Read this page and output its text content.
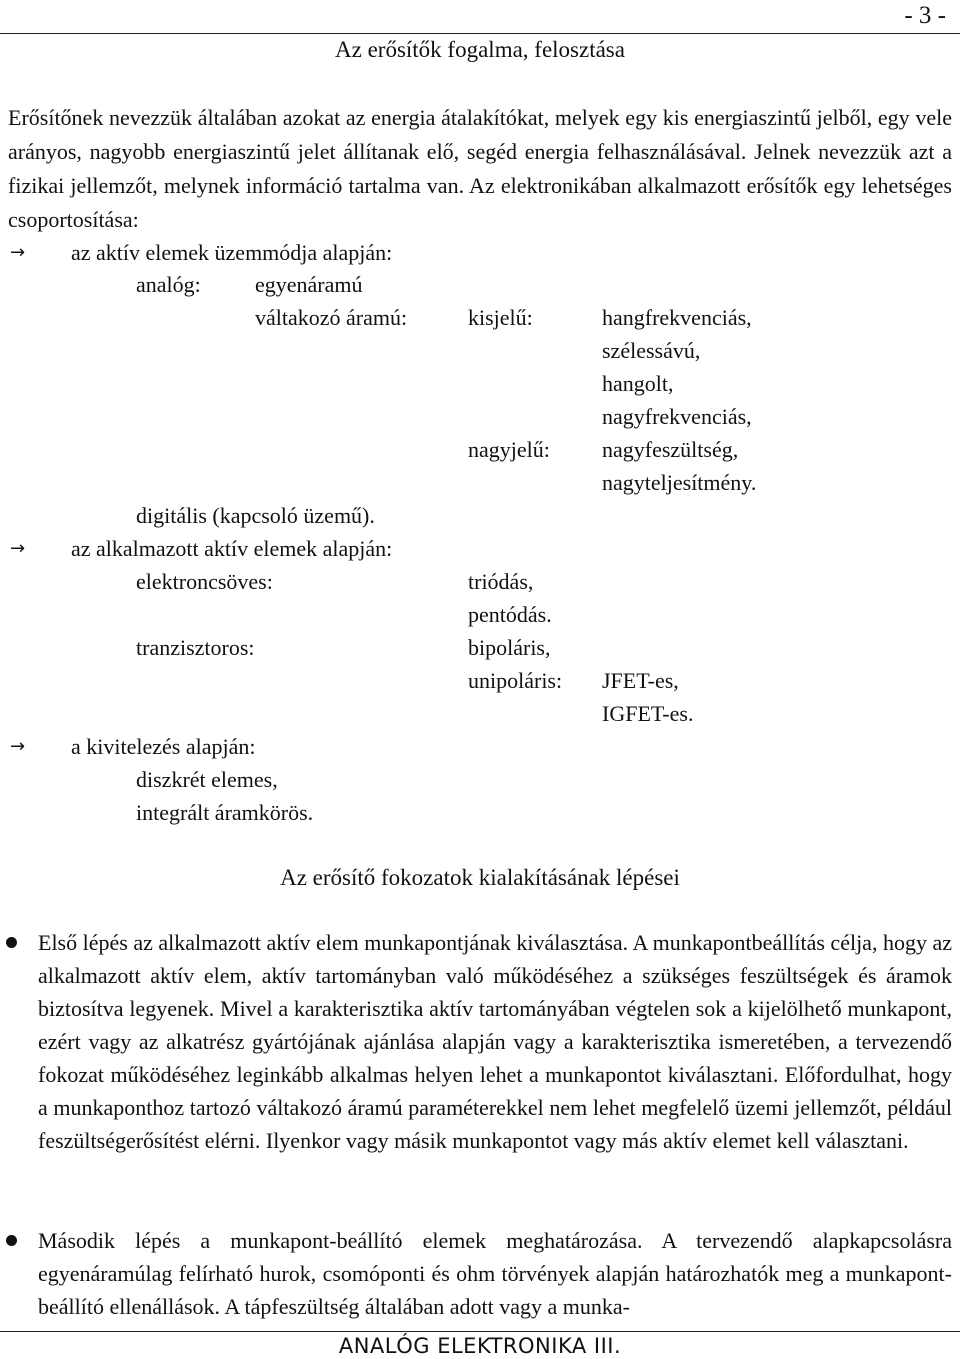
- 3 -
Az erősítők fogalma, felosztása
Erősítőnek nevezzük általában azokat az energia átalakítókat, melyek egy kis energiaszintű jelből, egy vele arányos, nagyobb energiaszintű jelet állítanak elő, segéd energia felhasználásával. Jelnek nevezzük azt a fizikai jellemzőt, melynek információ tartalma van. Az elektronikában alkalmazott erősítők egy lehetséges csoportosítása:
→ az aktív elemek üzemmódja alapján:
analóg: egyenáramú
váltakozó áramú:	kisjelű:	hangfrekvenciás,
szélessávú,
hangolt,
nagyfrekvenciás,
nagyjelű: nagyfeszültség,
nagyteljesítmény.
digitális (kapcsoló üzemű).
→ az alkalmazott aktív elemek alapján:
elektroncsöves:	triódás,
pentódás.
tranzisztoros:	bipoláris,
unipoláris: JFET-es,
IGFET-es.
→ a kivitelezés alapján:
diszkrét elemes,
integrált áramkörös.
Az erősítő fokozatok kialakításának lépései
Első lépés az alkalmazott aktív elem munkapontjának kiválasztása. A munkapontbeállítás célja, hogy az alkalmazott aktív elem, aktív tartományban való működéséhez a szükséges feszültségek és áramok biztosítva legyenek. Mivel a karakterisztika aktív tartományában végtelen sok a kijelölhető munkapont, ezért vagy az alkatrész gyártójának ajánlása alapján vagy a karakterisztika ismeretében, a tervezendő fokozat működéséhez leginkább alkalmas helyen lehet a munkapontot kiválasztani. Előfordulhat, hogy a munkaponthoz tartozó váltakozó áramú paraméterekkel nem lehet megfelelő üzemi jellemzőt, például feszültségerősítést elérni. Ilyenkor vagy másik munkapontot vagy más aktív elemet kell választani.
Második lépés a munkapont-beállító elemek meghatározása. A tervezendő alapkapcsolásra egyenáramúlag felírható hurok, csomóponti és ohm törvények alapján határozhatók meg a munkapont-beállító ellenállások. A tápfeszültség általában adott vagy a munka-
ANALÓG ELEKTRONIKA III.
